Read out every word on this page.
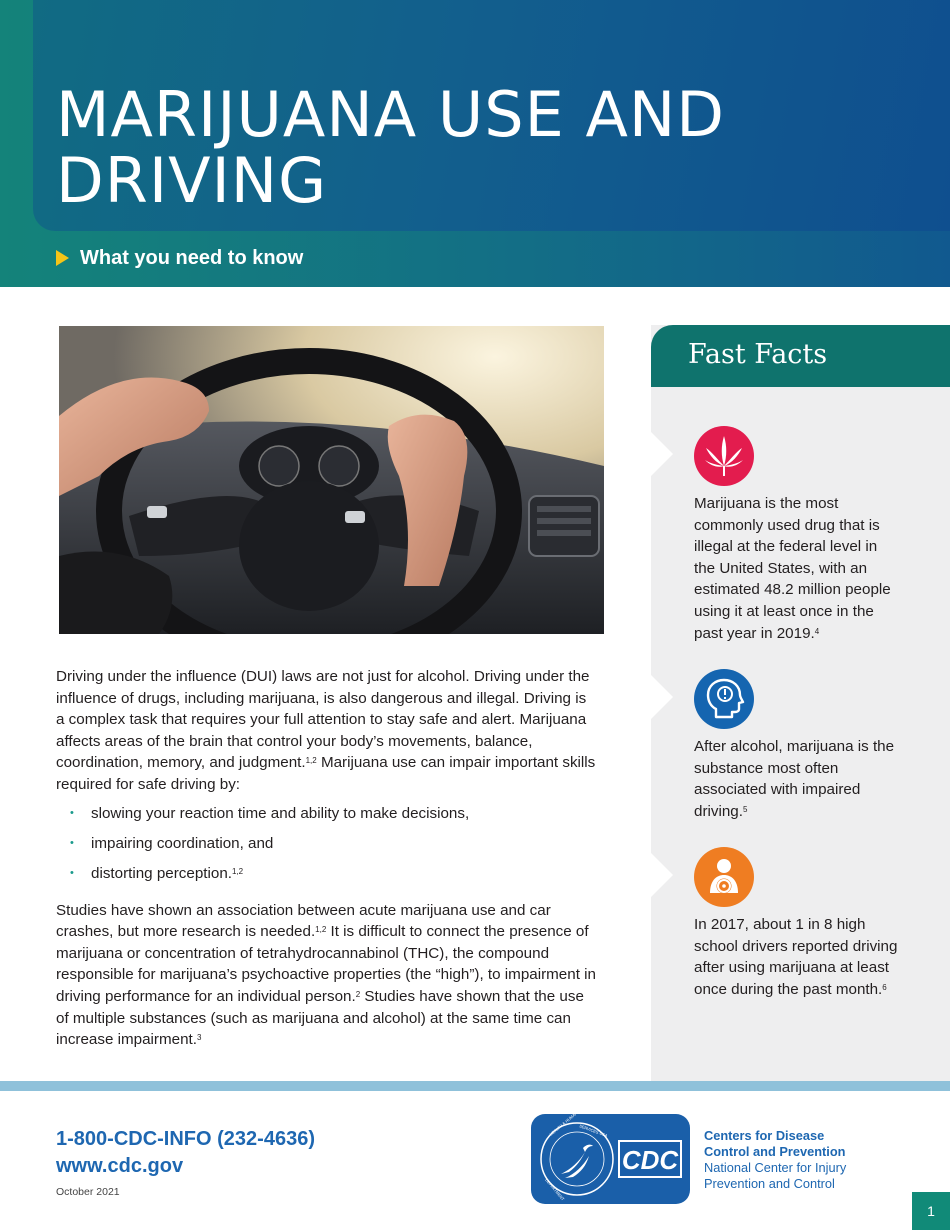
MARIJUANA USE AND DRIVING
What you need to know

Driving under the influence (DUI) laws are not just for alcohol. Driving under the influence of drugs, including marijuana, is also dangerous and illegal. Driving is a complex task that requires your full attention to stay safe and alert. Marijuana affects areas of the brain that control your body’s movements, balance, coordination, memory, and judgment.$^{1,2}$ Marijuana use can impair important skills required for safe driving by:

• slowing your reaction time and ability to make decisions,
• impairing coordination, and
• distorting perception.$^{1,2}$

Studies have shown an association between acute marijuana use and car crashes, but more research is needed.$^{1,2}$ It is difficult to connect the presence of marijuana or concentration of tetrahydrocannabinol (THC), the compound responsible for marijuana’s psychoactive properties (the “high”), to impairment in driving performance for an individual person.$^2$ Studies have shown that the use of multiple substances (such as marijuana and alcohol) at the same time can increase impairment.$^3$

Fast Facts
Marijuana is the most commonly used drug that is illegal at the federal level in the United States, with an estimated 48.2 million people using it at least once in the past year in 2019.$^4$
After alcohol, marijuana is the substance most often associated with impaired driving.$^5$
In 2017, about 1 in 8 high school drivers reported driving after using marijuana at least once during the past month.$^6$
1-800-CDC-INFO (232-4636)
www.cdc.gov
October 2021
HEALTH & HUMAN SERVICES·USA
DEPARTMENT
CDC
Centers for Disease
Control and Prevention
National Center for Injury
Prevention and Control
1
